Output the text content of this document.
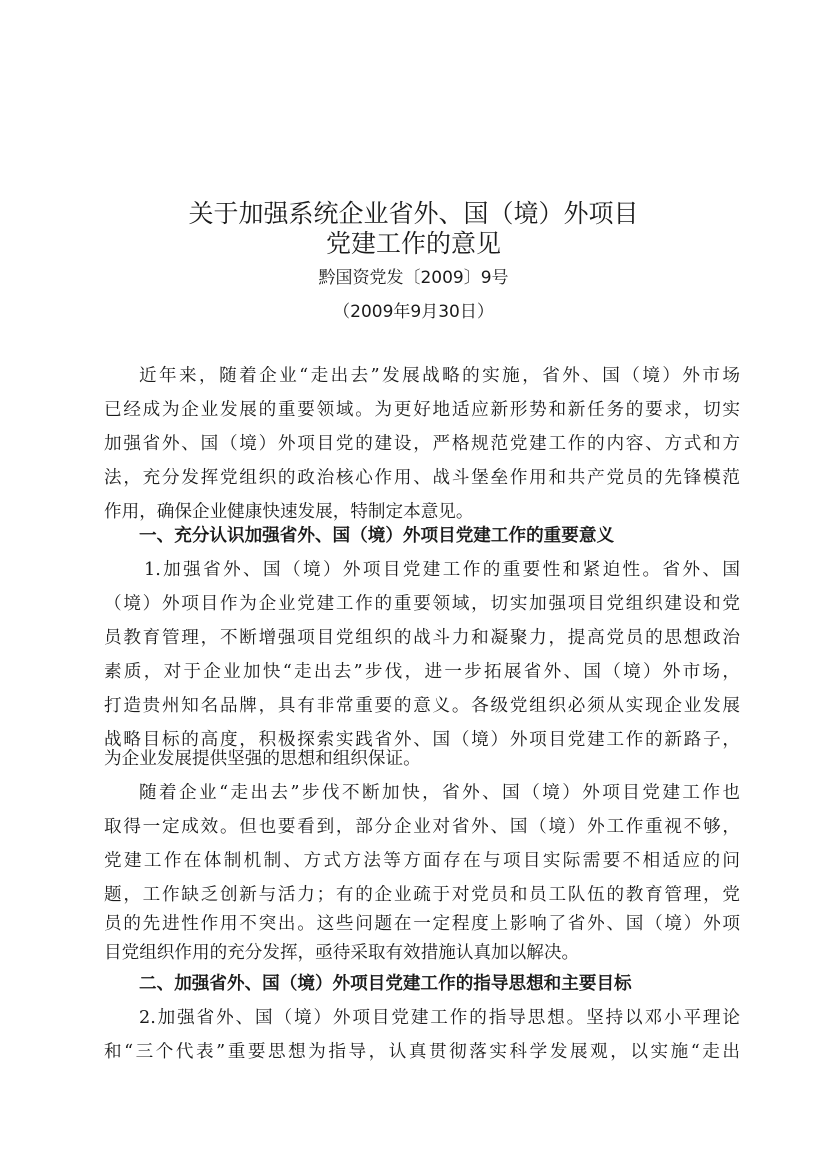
关于加强系统企业省外、国（境）外项目
党建工作的意见
黔国资党发〔2009〕9号
（2009年9月30日）
近年来，随着企业“走出去”发展战略的实施，省外、国（境）外市场
已经成为企业发展的重要领域。为更好地适应新形势和新任务的要求，切实
加强省外、国（境）外项目党的建设，严格规范党建工作的内容、方式和方
法，充分发挥党组织的政治核心作用、战斗堡垒作用和共产党员的先锋模范
作用，确保企业健康快速发展，特制定本意见。
一、充分认识加强省外、国（境）外项目党建工作的重要意义
1.加强省外、国（境）外项目党建工作的重要性和紧迫性。省外、国
（境）外项目作为企业党建工作的重要领域，切实加强项目党组织建设和党
员教育管理，不断增强项目党组织的战斗力和凝聚力，提高党员的思想政治
素质，对于企业加快“走出去”步伐，进一步拓展省外、国（境）外市场，
打造贵州知名品牌，具有非常重要的意义。各级党组织必须从实现企业发展
战略目标的高度，积极探索实践省外、国（境）外项目党建工作的新路子，
为企业发展提供坚强的思想和组织保证。
随着企业“走出去”步伐不断加快，省外、国（境）外项目党建工作也
取得一定成效。但也要看到，部分企业对省外、国（境）外工作重视不够，
党建工作在体制机制、方式方法等方面存在与项目实际需要不相适应的问
题，工作缺乏创新与活力；有的企业疏于对党员和员工队伍的教育管理，党
员的先进性作用不突出。这些问题在一定程度上影响了省外、国（境）外项
目党组织作用的充分发挥，亟待采取有效措施认真加以解决。
二、加强省外、国（境）外项目党建工作的指导思想和主要目标
2.加强省外、国（境）外项目党建工作的指导思想。坚持以邓小平理论
和“三个代表”重要思想为指导，认真贯彻落实科学发展观，以实施“走出
